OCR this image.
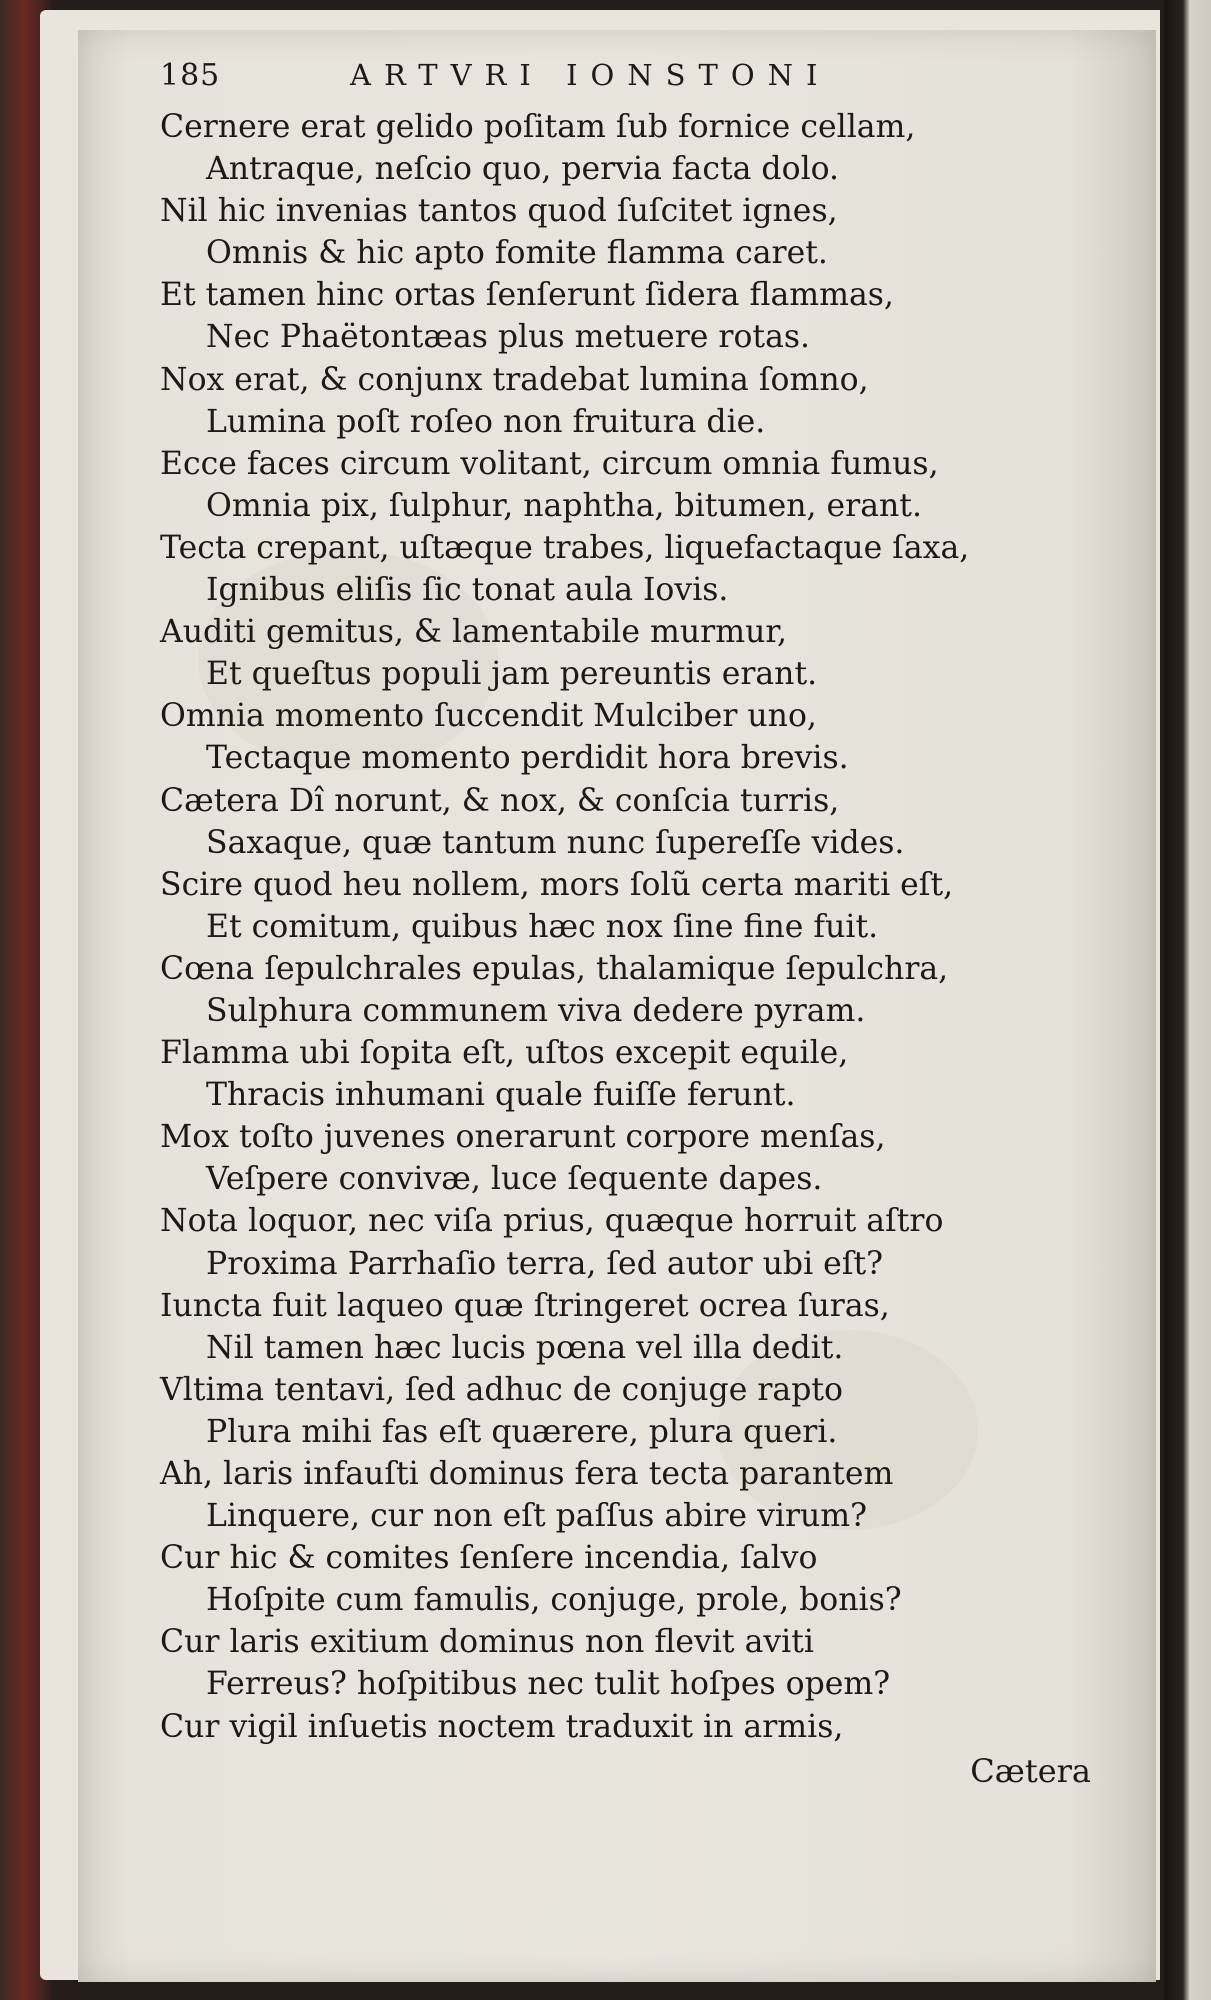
185	ARTVRI IONSTONI
Cernere erat gelido poſitam ſub fornice cellam,
Antraque, neſcio quo, pervia facta dolo.
Nil hic invenias tantos quod ſuſcitet ignes,
Omnis & hic apto fomite flamma caret.
Et tamen hinc ortas ſenſerunt ſidera flammas,
Nec Phaëtontæas plus metuere rotas.
Nox erat, & conjunx tradebat lumina ſomno,
Lumina poſt roſeo non fruitura die.
Ecce faces circum volitant, circum omnia fumus,
Omnia pix, ſulphur, naphtha, bitumen, erant.
Tecta crepant, uſtæque trabes, liquefactaque ſaxa,
Ignibus eliſis ſic tonat aula Iovis.
Auditi gemitus, & lamentabile murmur,
Et queſtus populi jam pereuntis erant.
Omnia momento ſuccendit Mulciber uno,
Tectaque momento perdidit hora brevis.
Cætera Dî norunt, & nox, & conſcia turris,
Saxaque, quæ tantum nunc ſupereſſe vides.
Scire quod heu nollem, mors ſolũ certa mariti eſt,
Et comitum, quibus hæc nox ſine fine fuit.
Cœna ſepulchrales epulas, thalamique ſepulchra,
Sulphura communem viva dedere pyram.
Flamma ubi ſopita eſt, uſtos excepit equile,
Thracis inhumani quale fuiſſe ferunt.
Mox toſto juvenes onerarunt corpore menſas,
Veſpere convivæ, luce ſequente dapes.
Nota loquor, nec viſa prius, quæque horruit aſtro
Proxima Parrhaſio terra, ſed autor ubi eſt?
Iuncta fuit laqueo quæ ſtringeret ocrea ſuras,
Nil tamen hæc lucis pœna vel illa dedit.
Vltima tentavi, ſed adhuc de conjuge rapto
Plura mihi fas eſt quærere, plura queri.
Ah, laris infauſti dominus fera tecta parantem
Linquere, cur non eſt paſſus abire virum?
Cur hic & comites ſenſere incendia, ſalvo
Hoſpite cum famulis, conjuge, prole, bonis?
Cur laris exitium dominus non flevit aviti
Ferreus? hoſpitibus nec tulit hoſpes opem?
Cur vigil inſuetis noctem traduxit in armis,
Cætera
